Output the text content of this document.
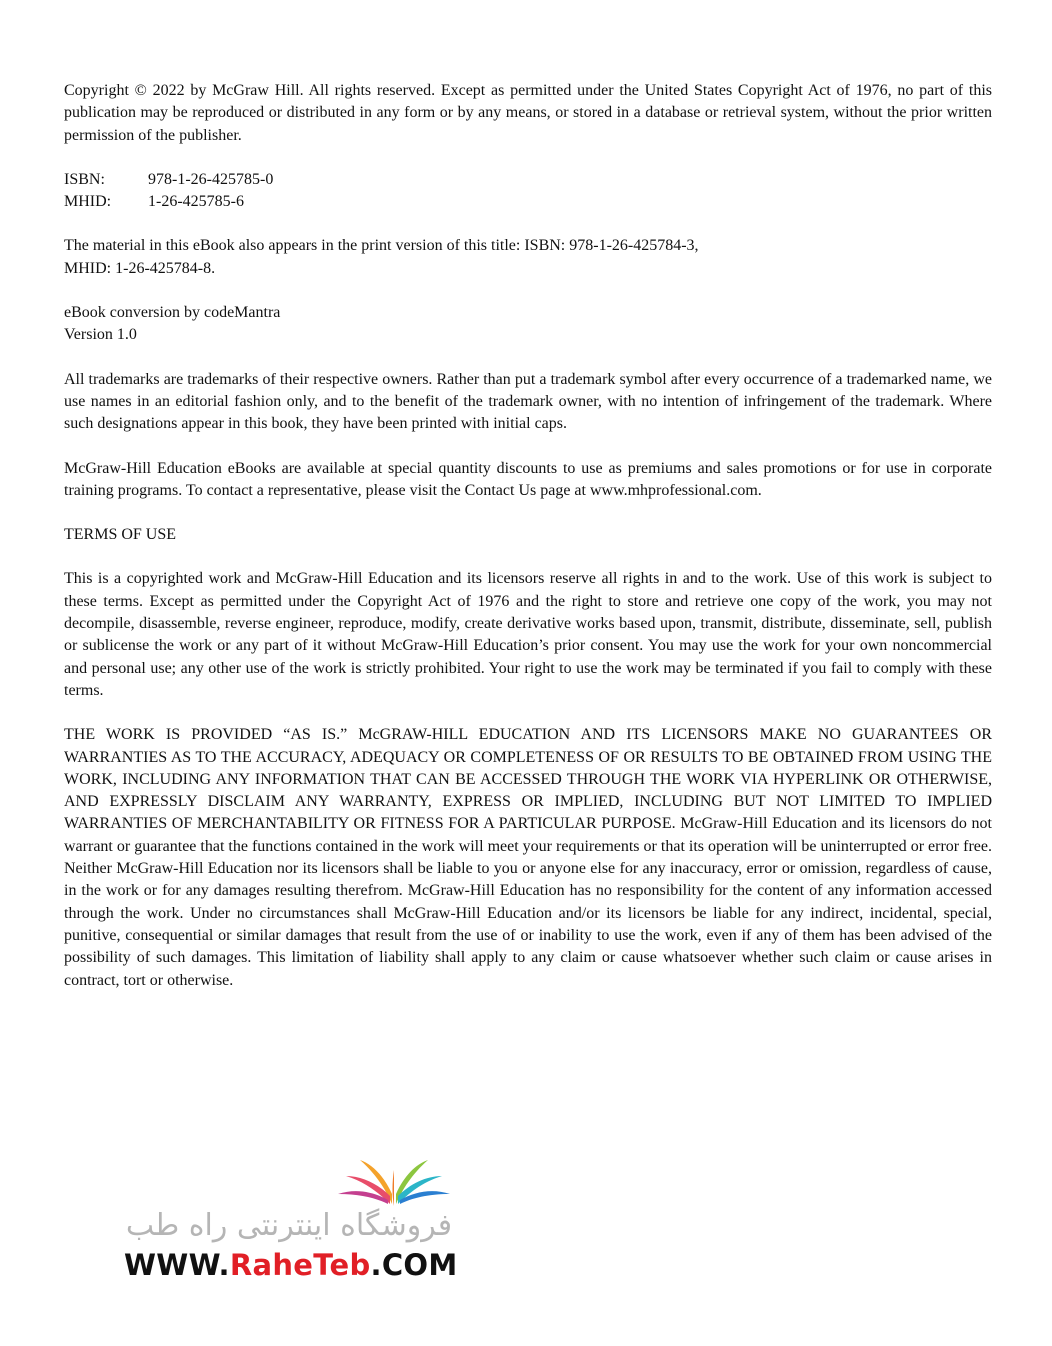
Copyright © 2022 by McGraw Hill. All rights reserved. Except as permitted under the United States Copyright Act of 1976, no part of this publication may be reproduced or distributed in any form or by any means, or stored in a database or retrieval system, without the prior written permission of the publisher.

ISBN:	978-1-26-425785-0
MHID: 1-26-425785-6

The material in this eBook also appears in the print version of this title: ISBN: 978-1-26-425784-3,
MHID: 1-26-425784-8.

eBook conversion by codeMantra
Version 1.0

All trademarks are trademarks of their respective owners. Rather than put a trademark symbol after every occurrence of a trademarked name, we use names in an editorial fashion only, and to the benefit of the trademark owner, with no intention of infringement of the trademark. Where such designations appear in this book, they have been printed with initial caps.

McGraw-Hill Education eBooks are available at special quantity discounts to use as premiums and sales promotions or for use in corporate training programs. To contact a representative, please visit the Contact Us page at www.mhprofessional.com.

TERMS OF USE

This is a copyrighted work and McGraw-Hill Education and its licensors reserve all rights in and to the work. Use of this work is subject to these terms. Except as permitted under the Copyright Act of 1976 and the right to store and retrieve one copy of the work, you may not decompile, disassemble, reverse engineer, reproduce, modify, create derivative works based upon, transmit, distribute, disseminate, sell, publish or sublicense the work or any part of it without McGraw-Hill Education’s prior consent. You may use the work for your own noncommercial and personal use; any other use of the work is strictly prohibited. Your right to use the work may be terminated if you fail to comply with these terms.

THE WORK IS PROVIDED “AS IS.” McGRAW-HILL EDUCATION AND ITS LICENSORS MAKE NO GUARANTEES OR WARRANTIES AS TO THE ACCURACY, ADEQUACY OR COMPLETENESS OF OR RESULTS TO BE OBTAINED FROM USING THE WORK, INCLUDING ANY INFORMATION THAT CAN BE ACCESSED THROUGH THE WORK VIA HYPERLINK OR OTHERWISE, AND EXPRESSLY DISCLAIM ANY WARRANTY, EXPRESS OR IMPLIED, INCLUDING BUT NOT LIMITED TO IMPLIED WARRANTIES OF MERCHANTABILITY OR FITNESS FOR A PARTICULAR PURPOSE. McGraw-Hill Education and its licensors do not warrant or guarantee that the functions contained in the work will meet your requirements or that its operation will be uninterrupted or error free. Neither McGraw-Hill Education nor its licensors shall be liable to you or anyone else for any inaccuracy, error or omission, regardless of cause, in the work or for any damages resulting therefrom. McGraw-Hill Education has no responsibility for the content of any information accessed through the work. Under no circumstances shall McGraw-Hill Education and/or its licensors be liable for any indirect, incidental, special, punitive, consequential or similar damages that result from the use of or inability to use the work, even if any of them has been advised of the possibility of such damages. This limitation of liability shall apply to any claim or cause whatsoever whether such claim or cause arises in contract, tort or otherwise.

فروشگاه اینترنتی راه طب
WWW.RaheTeb.COM
